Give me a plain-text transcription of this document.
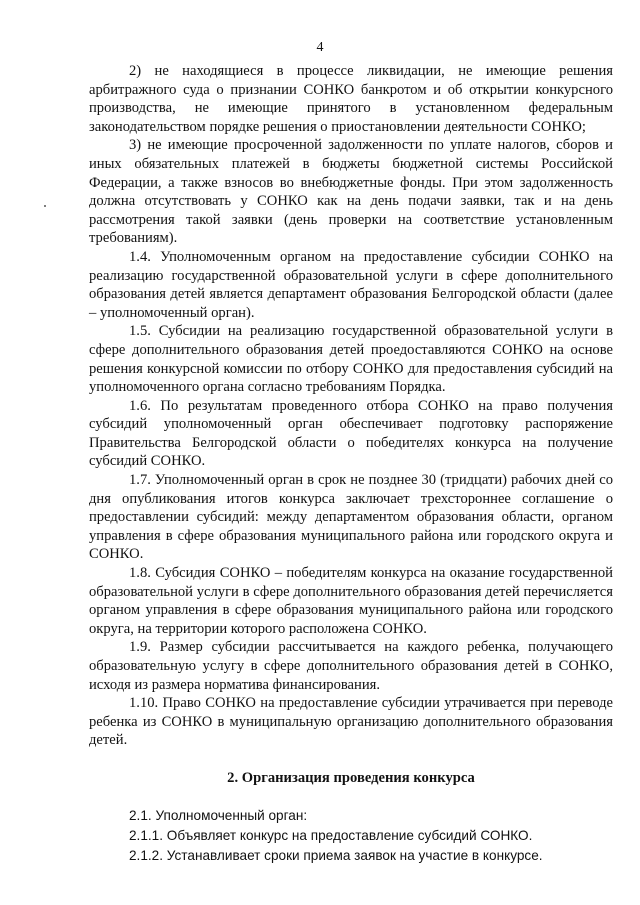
4

2) не находящиеся в процессе ликвидации, не имеющие решения арбитражного суда о признании СОНКО банкротом и об открытии конкурсного производства, не имеющие принятого в установленном федеральным законодательством порядке решения о приостановлении деятельности СОНКО;

3) не имеющие просроченной задолженности по уплате налогов, сборов и иных обязательных платежей в бюджеты бюджетной системы Российской Федерации, а также взносов во внебюджетные фонды. При этом задолженность должна отсутствовать у СОНКО как на день подачи заявки, так и на день рассмотрения такой заявки (день проверки на соответствие установленным требованиям).

1.4. Уполномоченным органом на предоставление субсидии СОНКО на реализацию государственной образовательной услуги в сфере дополнительного образования детей является департамент образования Белгородской области (далее – уполномоченный орган).

1.5. Субсидии на реализацию государственной образовательной услуги в сфере дополнительного образования детей проедоставляются СОНКО на основе решения конкурсной комиссии по отбору СОНКО для предоставления субсидий на уполномоченного органа согласно требованиям Порядка.

1.6. По результатам проведенного отбора СОНКО на право получения субсидий уполномоченный орган обеспечивает подготовку распоряжение Правительства Белгородской области о победителях конкурса на получение субсидий СОНКО.

1.7. Уполномоченный орган в срок не позднее 30 (тридцати) рабочих дней со дня опубликования итогов конкурса заключает трехстороннее соглашение о предоставлении субсидий: между департаментом образования области, органом управления в сфере образования муниципального района или городского округа и СОНКО.

1.8. Субсидия СОНКО – победителям конкурса на оказание государственной образовательной услуги в сфере дополнительного образования детей перечисляется органом управления в сфере образования муниципального района или городского округа, на территории которого расположена СОНКО.

1.9. Размер субсидии рассчитывается на каждого ребенка, получающего образовательную услугу в сфере дополнительного образования детей в СОНКО, исходя из размера норматива финансирования.

1.10. Право СОНКО на предоставление субсидии утрачивается при переводе ребенка из СОНКО в муниципальную организацию дополнительного образования детей.

2. Организация проведения конкурса

2.1. Уполномоченный орган:

2.1.1. Объявляет конкурс на предоставление субсидий СОНКО.

2.1.2. Устанавливает сроки приема заявок на участие в конкурсе.
